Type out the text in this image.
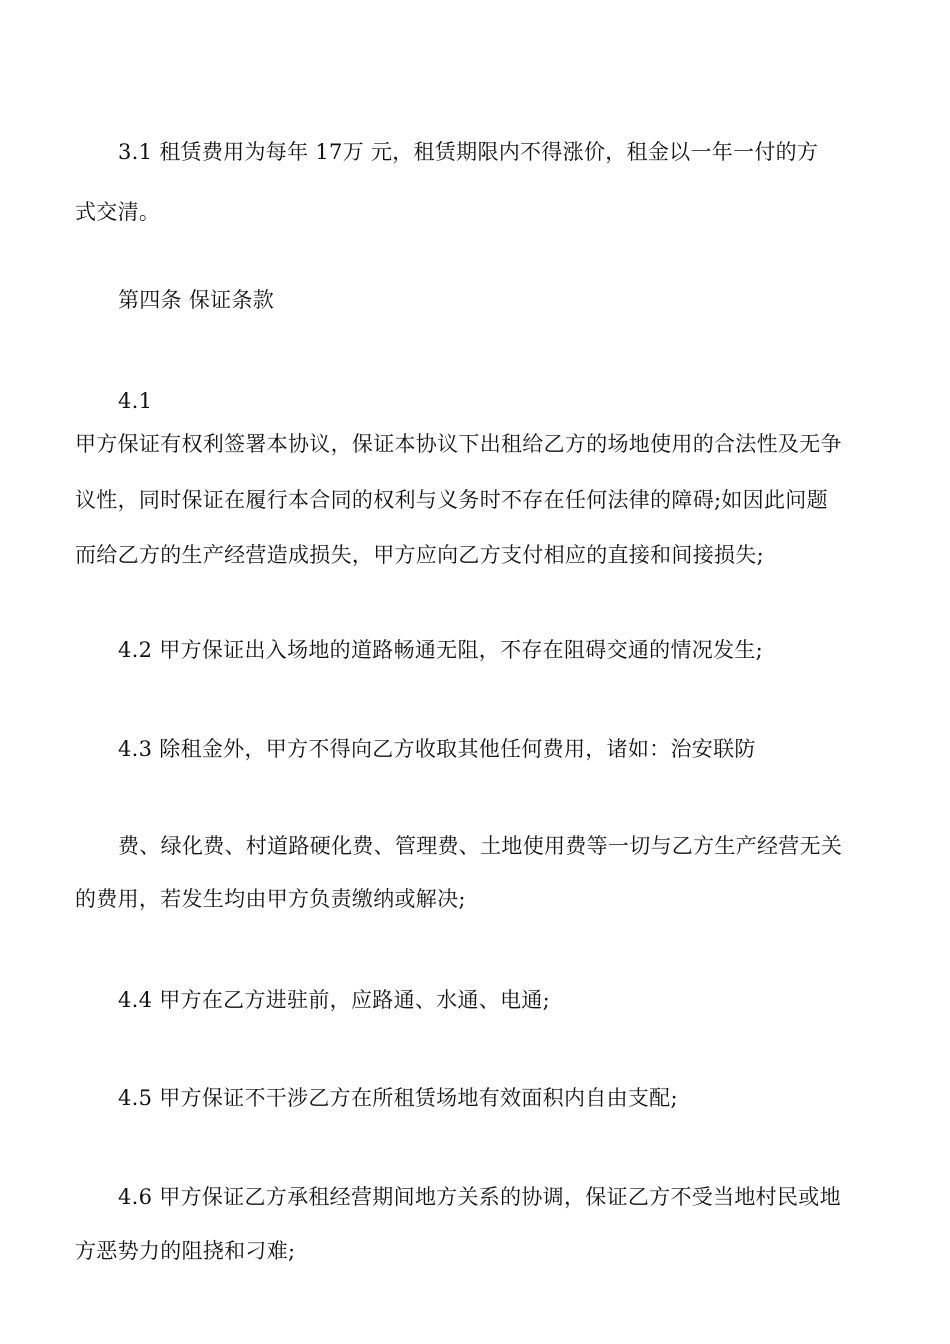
3.1 租赁费用为每年 17万 元，租赁期限内不得涨价，租金以一年一付的方
式交清。
第四条 保证条款
4.1
甲方保证有权利签署本协议，保证本协议下出租给乙方的场地使用的合法性及无争
议性，同时保证在履行本合同的权利与义务时不存在任何法律的障碍;如因此问题
而给乙方的生产经营造成损失，甲方应向乙方支付相应的直接和间接损失;
4.2 甲方保证出入场地的道路畅通无阻，不存在阻碍交通的情况发生;
4.3 除租金外，甲方不得向乙方收取其他任何费用，诸如：治安联防
费、绿化费、村道路硬化费、管理费、土地使用费等一切与乙方生产经营无关
的费用，若发生均由甲方负责缴纳或解决;
4.4 甲方在乙方进驻前，应路通、水通、电通;
4.5 甲方保证不干涉乙方在所租赁场地有效面积内自由支配;
4.6 甲方保证乙方承租经营期间地方关系的协调，保证乙方不受当地村民或地
方恶势力的阻挠和刁难;
